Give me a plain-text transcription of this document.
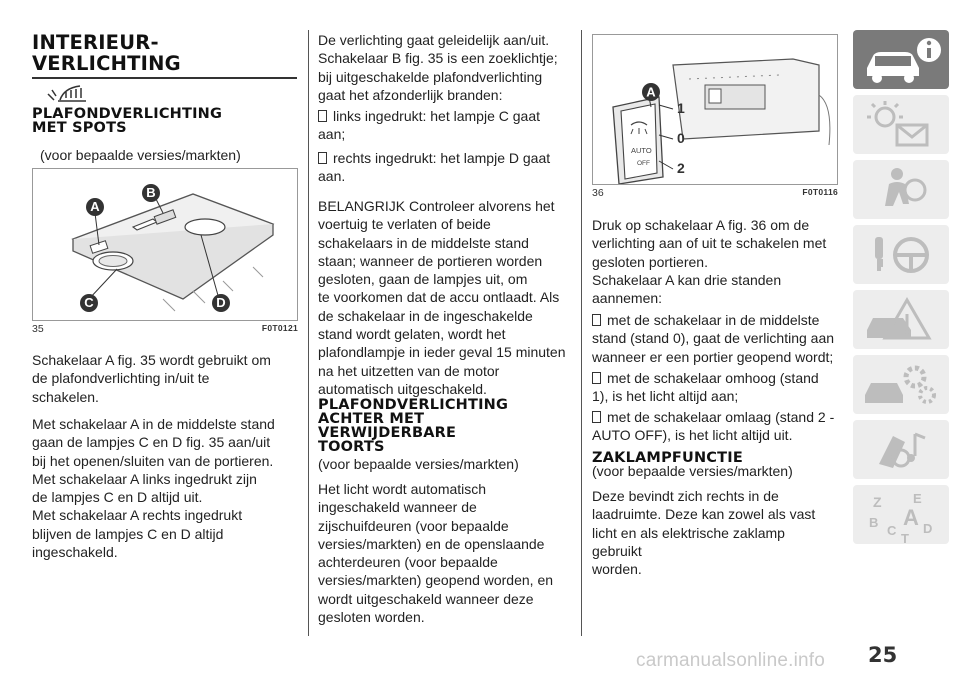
INTERIEUR-
VERLICHTING
PLAFONDVERLICHTING
MET SPOTS

(voor bepaalde versies/markten)

A
B
C	D
35	F0T0121

Schakelaar A fig. 35 wordt gebruikt om

de plafondverlichting in/uit te

schakelen.

Met schakelaar A in de middelste stand

gaan de lampjes C en D fig. 35 aan/uit

bij het openen/sluiten van de portieren.

Met schakelaar A links ingedrukt zijn

de lampjes C en D altijd uit.

Met schakelaar A rechts ingedrukt

blijven de lampjes C en D altijd

ingeschakeld.

De verlichting gaat geleidelijk aan/uit.

Schakelaar B fig. 35 is een zoeklichtje;

bij uitgeschakelde plafondverlichting

gaat het afzonderlijk branden:

links ingedrukt: het lampje C gaat

aan;

rechts ingedrukt: het lampje D gaat

aan.

BELANGRIJK Controleer alvorens het

voertuig te verlaten of beide

schakelaars in de middelste stand

staan; wanneer de portieren worden

gesloten, gaan de lampjes uit, om

te voorkomen dat de accu ontlaadt. Als

de schakelaar in de ingeschakelde

stand wordt gelaten, wordt het

plafondlampje in ieder geval 15 minuten

na het uitzetten van de motor

automatisch uitgeschakeld.

PLAFONDVERLICHTING
ACHTER MET
VERWIJDERBARE
TOORTS

(voor bepaalde versies/markten)

Het licht wordt automatisch

ingeschakeld wanneer de

zijschuifdeuren (voor bepaalde

versies/markten) en de openslaande

achterdeuren (voor bepaalde

versies/markten) geopend worden, en

wordt uitgeschakeld wanneer deze

gesloten worden.

AUTO
OFF
A
1
0
2
36	F0T0116

Druk op schakelaar A fig. 36 om de

verlichting aan of uit te schakelen met

gesloten portieren.

Schakelaar A kan drie standen

aannemen:

met de schakelaar in de middelste

stand (stand 0), gaat de verlichting aan

wanneer er een portier geopend wordt;

met de schakelaar omhoog (stand

1), is het licht altijd aan;

met de schakelaar omlaag (stand 2 -

AUTO OFF), is het licht altijd uit.

ZAKLAMPFUNCTIE

(voor bepaalde versies/markten)

Deze bevindt zich rechts in de

laadruimte. Deze kan zowel als vast

licht en als elektrische zaklamp gebruikt

worden.

Z E
B A
C D
T
25
carmanualsonline.info
